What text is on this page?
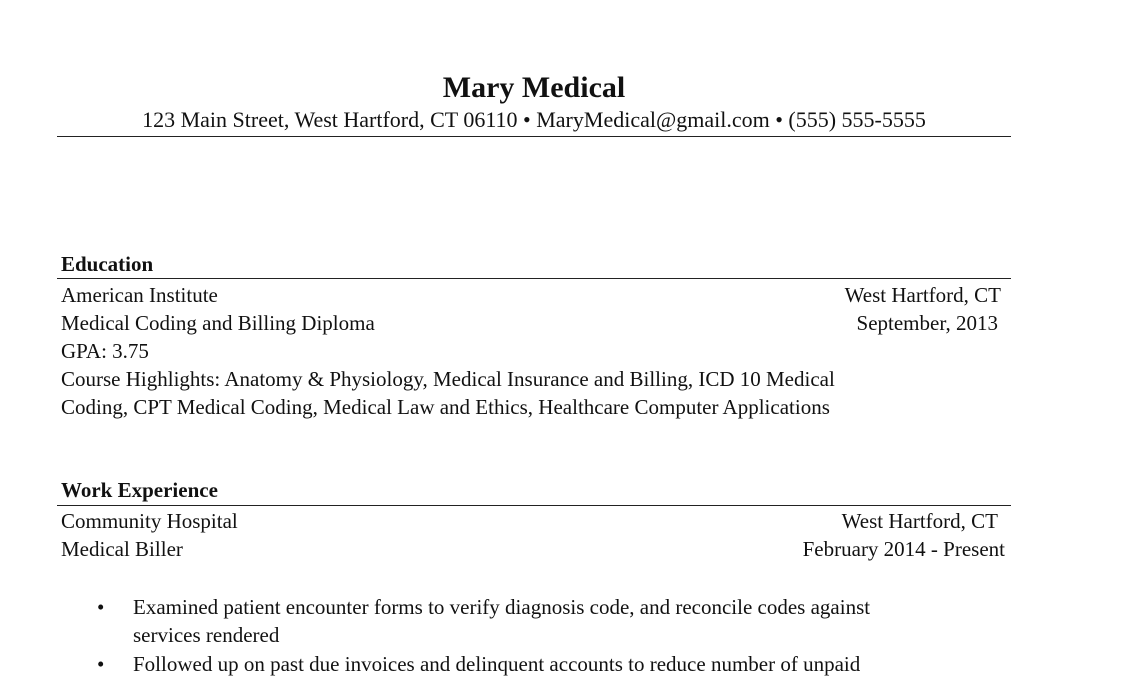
Mary Medical
123 Main Street, West Hartford, CT 06110 • MaryMedical@gmail.com • (555) 555-5555
Education
American Institute	West Hartford, CT
Medical Coding and Billing Diploma	September, 2013
GPA: 3.75
Course Highlights: Anatomy & Physiology, Medical Insurance and Billing, ICD 10 Medical
Coding, CPT Medical Coding, Medical Law and Ethics, Healthcare Computer Applications
Work Experience
Community Hospital	West Hartford, CT
Medical Biller	February 2014 - Present
•	Examined patient encounter forms to verify diagnosis code, and reconcile codes against
services rendered
•	Followed up on past due invoices and delinquent accounts to reduce number of unpaid
